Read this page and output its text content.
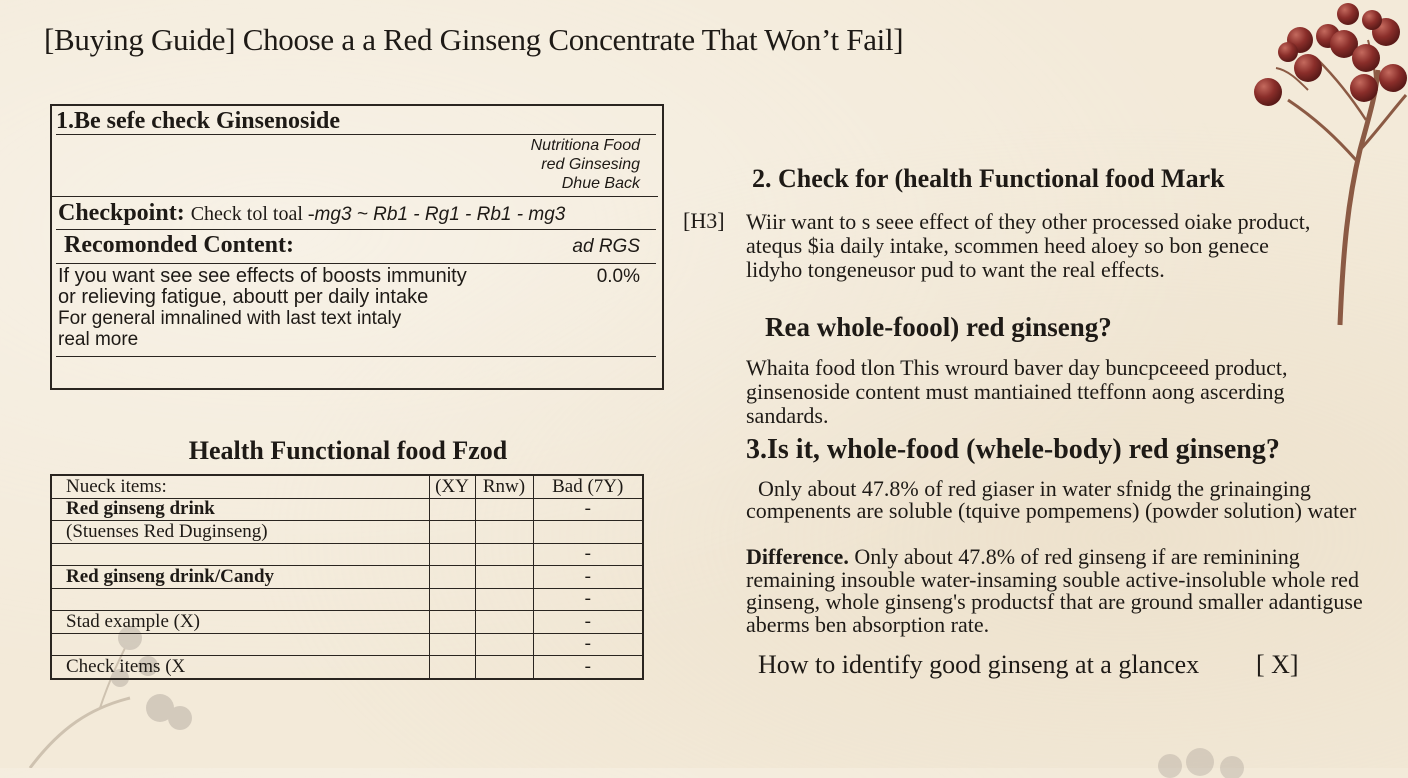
[Buying Guide] Choose a a Red Ginseng Concentrate That Won’t Fail]
1.Be sefe check Ginsenoside
Nutritiona Food
red Ginsesing
Dhue Back
Checkpoint: Check tol toal -mg3 ~ Rb1 - Rg1 - Rb1 - mg3
Recomonded Content:	ad RGS
If you want see see effects of boosts immunity
or relieving fatigue, aboutt per daily intake
For general imnalined with last text intaly
real more
0.0%
Health Functional food Fzod
Nueck items:	(XY	Rnw)	Bad (7Y)
Red ginseng drink			-
(Stuenses Red Duginseng)			
			-
Red ginseng drink/Candy			-
			-
Stad example (X)			-
			-
Check items (X			-
2. Check for (health Functional food Mark
[H3] Wiir want to s seee effect of they other processed oiake product, atequs $ia daily intake, scommen heed aloey so bon genece lidyho tongeneusor pud to want the real effects.
Rea whole-foool) red ginseng?
Whaita food tlon This wrourd baver day buncpceeed product, ginsenoside content must mantiained tteffonn aong ascerding sandards.
3.Is it, whole-food (whele-body) red ginseng?
Only about 47.8% of red giaser in water sfnidg the grinainging
compenents are soluble (tquive pompemens) (powder solution) water
Difference. Only about 47.8% of red ginseng if are reminining remaining insouble water-insaming souble active-insoluble whole red ginseng, whole ginseng's productsf that are ground smaller adantiguse aberms ben absorption rate.
How to identify good ginseng at a glancex [ X]
